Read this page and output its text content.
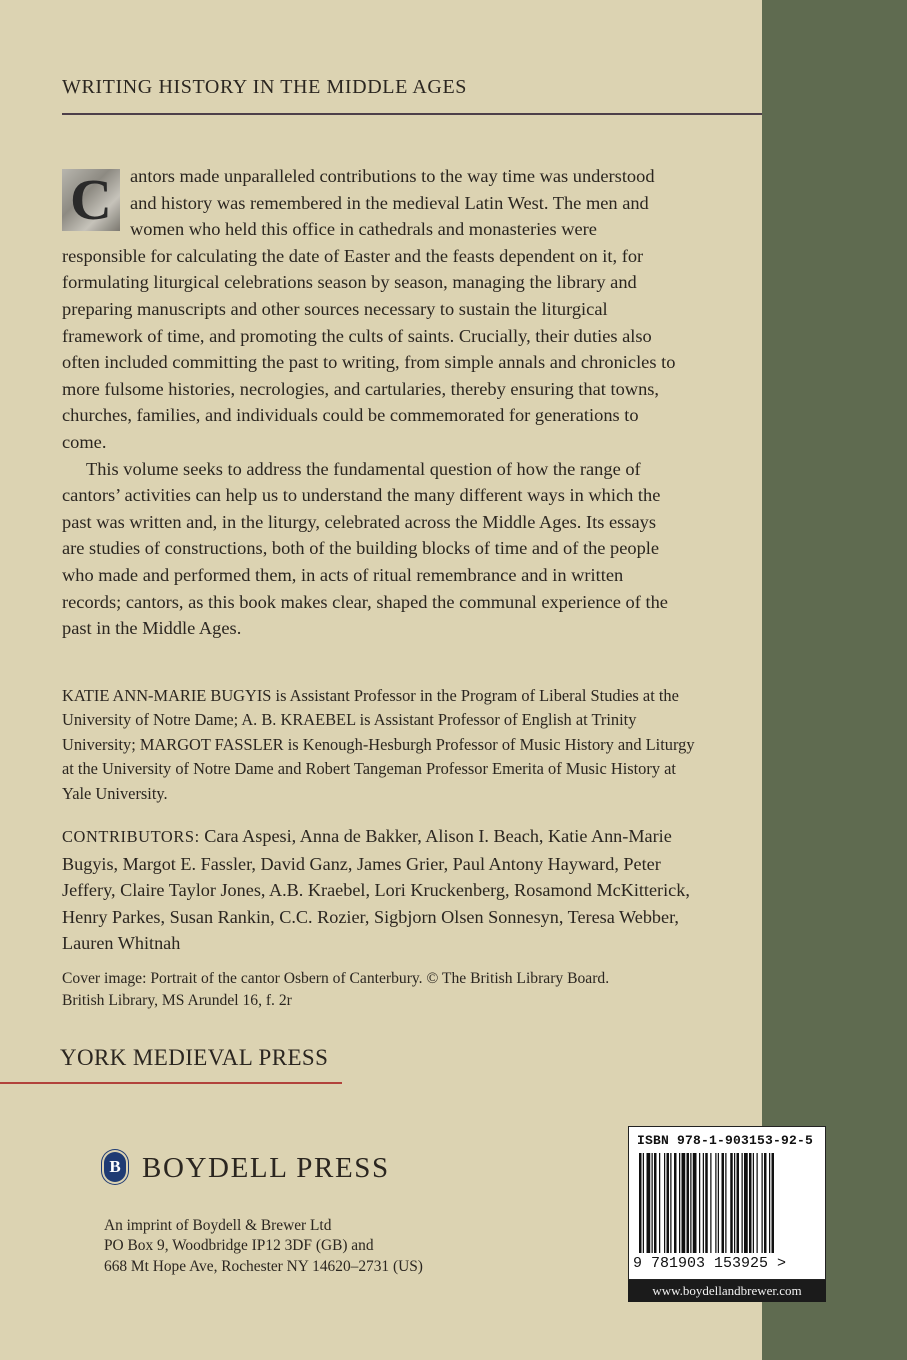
WRITING HISTORY IN THE MIDDLE AGES

C antors made unparalleled contributions to the way time was understood and history was remembered in the medieval Latin West. The men and women who held this office in cathedrals and monasteries were responsible for calculating the date of Easter and the feasts dependent on it, for formulating liturgical celebrations season by season, managing the library and preparing manuscripts and other sources necessary to sustain the liturgical framework of time, and promoting the cults of saints. Crucially, their duties also often included committing the past to writing, from simple annals and chronicles to more fulsome histories, necrologies, and cartularies, thereby ensuring that towns, churches, families, and individuals could be commemorated for generations to come.

This volume seeks to address the fundamental question of how the range of cantors’ activities can help us to understand the many different ways in which the past was written and, in the liturgy, celebrated across the Middle Ages. Its essays are studies of constructions, both of the building blocks of time and of the people who made and performed them, in acts of ritual remembrance and in written records; cantors, as this book makes clear, shaped the communal experience of the past in the Middle Ages.

KATIE ANN-MARIE BUGYIS is Assistant Professor in the Program of Liberal Studies at the University of Notre Dame; A. B. KRAEBEL is Assistant Professor of English at Trinity University; MARGOT FASSLER is Kenough-Hesburgh Professor of Music History and Liturgy at the University of Notre Dame and Robert Tangeman Professor Emerita of Music History at Yale University.
CONTRIBUTORS: Cara Aspesi, Anna de Bakker, Alison I. Beach, Katie Ann-Marie Bugyis, Margot E. Fassler, David Ganz, James Grier, Paul Antony Hayward, Peter Jeffery, Claire Taylor Jones, A.B. Kraebel, Lori Kruckenberg, Rosamond McKitterick, Henry Parkes, Susan Rankin, C.C. Rozier, Sigbjorn Olsen Sonnesyn, Teresa Webber, Lauren Whitnah
Cover image: Portrait of the cantor Osbern of Canterbury. © The British Library Board.
British Library, MS Arundel 16, f. 2r
YORK MEDIEVAL PRESS
B BOYDELL PRESS
An imprint of Boydell & Brewer Ltd
PO Box 9, Woodbridge IP12 3DF (GB) and
668 Mt Hope Ave, Rochester NY 14620–2731 (US)
ISBN 978-1-903153-92-5
9 781903 153925 >
www.boydellandbrewer.com
